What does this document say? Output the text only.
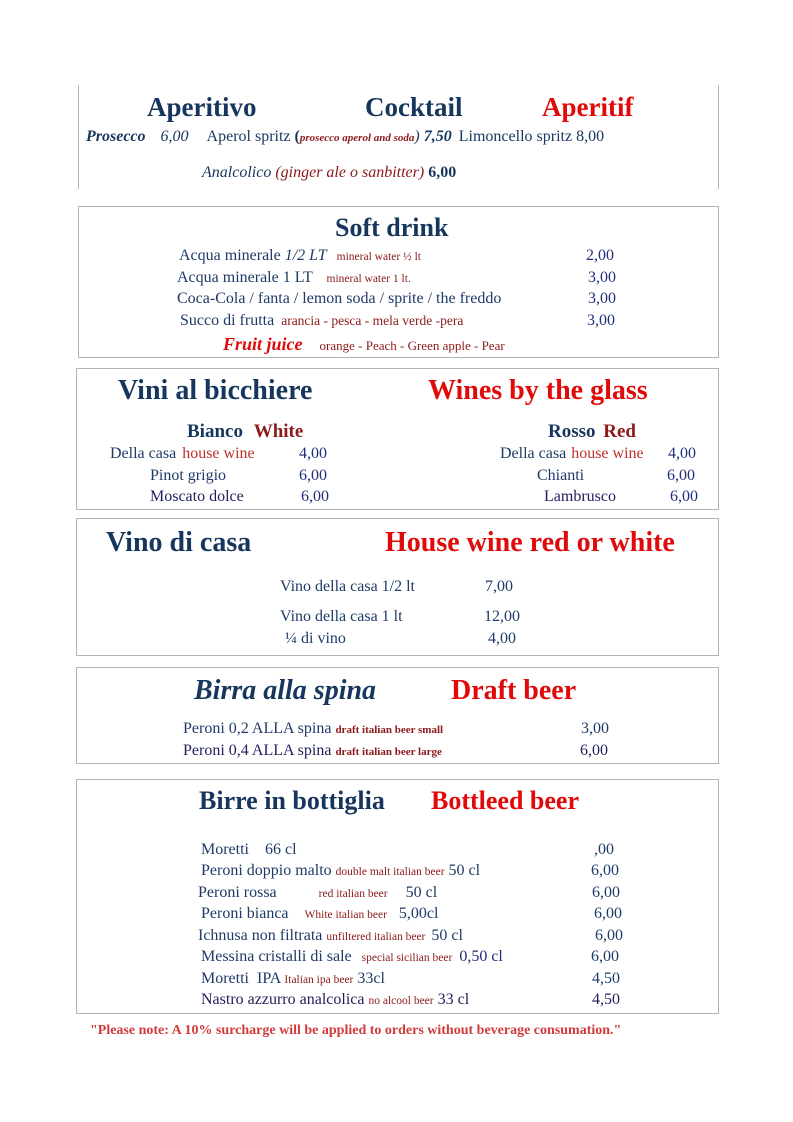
Aperitivo	Cocktail	Aperitif
Prosecco 6,00 Aperol spritz (prosecco aperol and soda) 7,50 Limoncello spritz 8,00
Analcolico (ginger ale o sanbitter) 6,00
Soft drink
Acqua minerale 1/2 LT mineral water ½ lt	2,00
Acqua minerale 1 LT mineral water 1 lt.	3,00
Coca-Cola / fanta / lemon soda / sprite / the freddo	3,00
Succo di frutta arancia - pesca - mela verde -pera	3,00
Fruit juice orange - Peach - Green apple - Pear
Vini al bicchiere	Wines by the glass
Bianco White	Rosso Red
Della casa house wine	4,00
Pinot grigio	6,00
Moscato dolce	6,00
Della casa house wine 4,00
Chianti	6,00
Lambrusco	6,00
Vino di casa	House wine red or white
Vino della casa 1/2 lt	7,00
Vino della casa 1 lt	12,00
¼ di vino	4,00
Birra alla spina	Draft beer
Peroni 0,2 ALLA spina draft italian beer small	3,00
Peroni 0,4 ALLA spina draft italian beer large	6,00
Birre in bottiglia Bottleed beer
Moretti    66 cl	,00
Peroni doppio malto double malt italian beer 50 cl	6,00
Peroni rossa	red italian beer 50 cl	6,00
Peroni bianca White italian beer 5,00cl	6,00
Ichnusa non filtrata unfiltered italian beer 50 cl	6,00
Messina cristalli di sale special sicilian beer 0,50 cl	6,00
Moretti  IPA Italian ipa beer 33cl	4,50
Nastro azzurro analcolica no alcool beer 33 cl	4,50
"Please note: A 10% surcharge will be applied to orders without beverage consumation."
